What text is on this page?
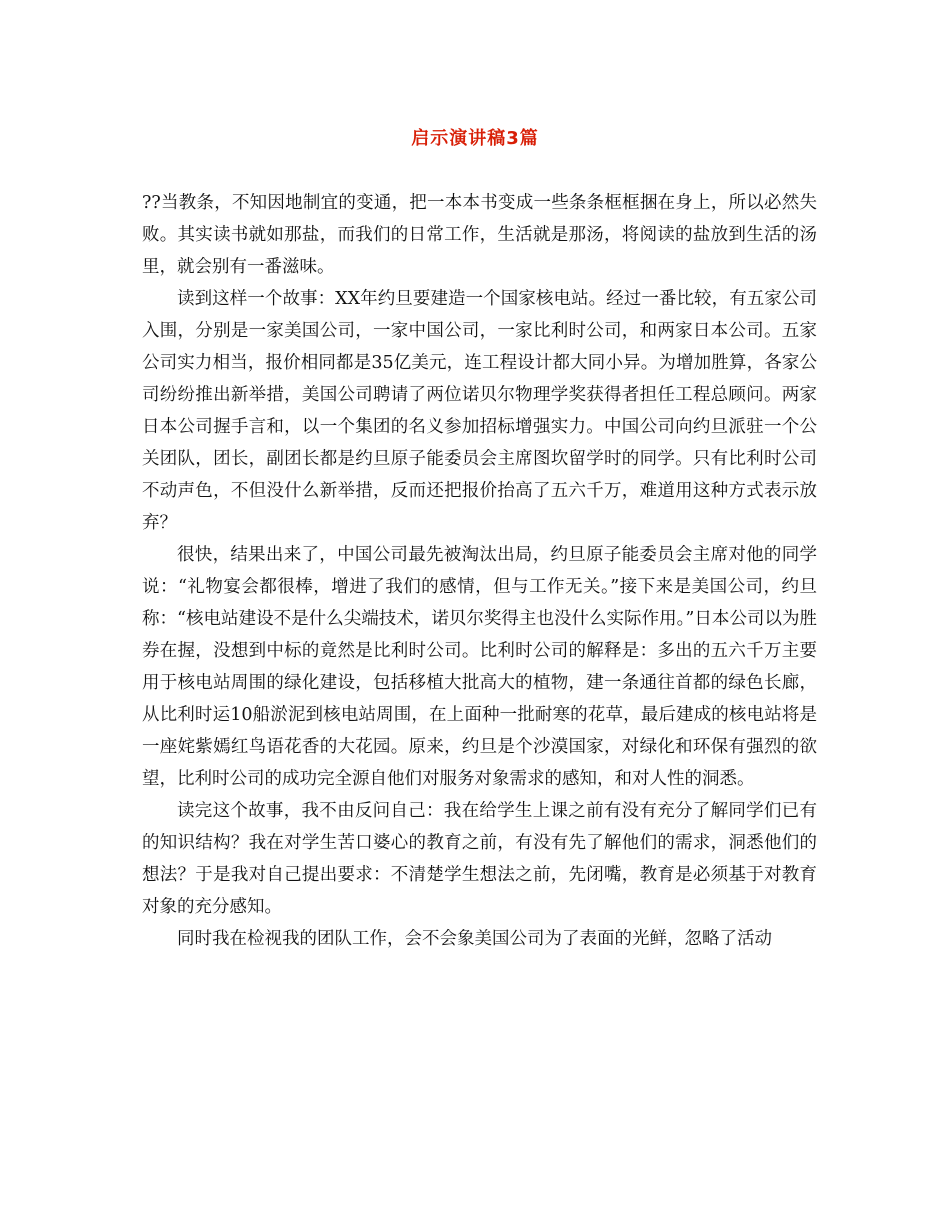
启示演讲稿3篇

??当教条，不知因地制宜的变通，把一本本书变成一些条条框框捆在身上，所以必然失败。其实读书就如那盐，而我们的日常工作，生活就是那汤，将阅读的盐放到生活的汤里，就会别有一番滋味。

读到这样一个故事：XX年约旦要建造一个国家核电站。经过一番比较，有五家公司入围，分别是一家美国公司，一家中国公司，一家比利时公司，和两家日本公司。五家公司实力相当，报价相同都是35亿美元，连工程设计都大同小异。为增加胜算，各家公司纷纷推出新举措，美国公司聘请了两位诺贝尔物理学奖获得者担任工程总顾问。两家日本公司握手言和，以一个集团的名义参加招标增强实力。中国公司向约旦派驻一个公关团队，团长，副团长都是约旦原子能委员会主席图坎留学时的同学。只有比利时公司不动声色，不但没什么新举措，反而还把报价抬高了五六千万，难道用这种方式表示放弃？

很快，结果出来了，中国公司最先被淘汰出局，约旦原子能委员会主席对他的同学说：“礼物宴会都很棒，增进了我们的感情，但与工作无关。”接下来是美国公司，约旦称：“核电站建设不是什么尖端技术，诺贝尔奖得主也没什么实际作用。”日本公司以为胜券在握，没想到中标的竟然是比利时公司。比利时公司的解释是：多出的五六千万主要用于核电站周围的绿化建设，包括移植大批高大的植物，建一条通往首都的绿色长廊，从比利时运10船淤泥到核电站周围，在上面种一批耐寒的花草，最后建成的核电站将是一座姹紫嫣红鸟语花香的大花园。原来，约旦是个沙漠国家，对绿化和环保有强烈的欲望，比利时公司的成功完全源自他们对服务对象需求的感知，和对人性的洞悉。

读完这个故事，我不由反问自己：我在给学生上课之前有没有充分了解同学们已有的知识结构？我在对学生苦口婆心的教育之前，有没有先了解他们的需求，洞悉他们的想法？于是我对自己提出要求：不清楚学生想法之前，先闭嘴，教育是必须基于对教育对象的充分感知。

同时我在检视我的团队工作，会不会象美国公司为了表面的光鲜，忽略了活动
